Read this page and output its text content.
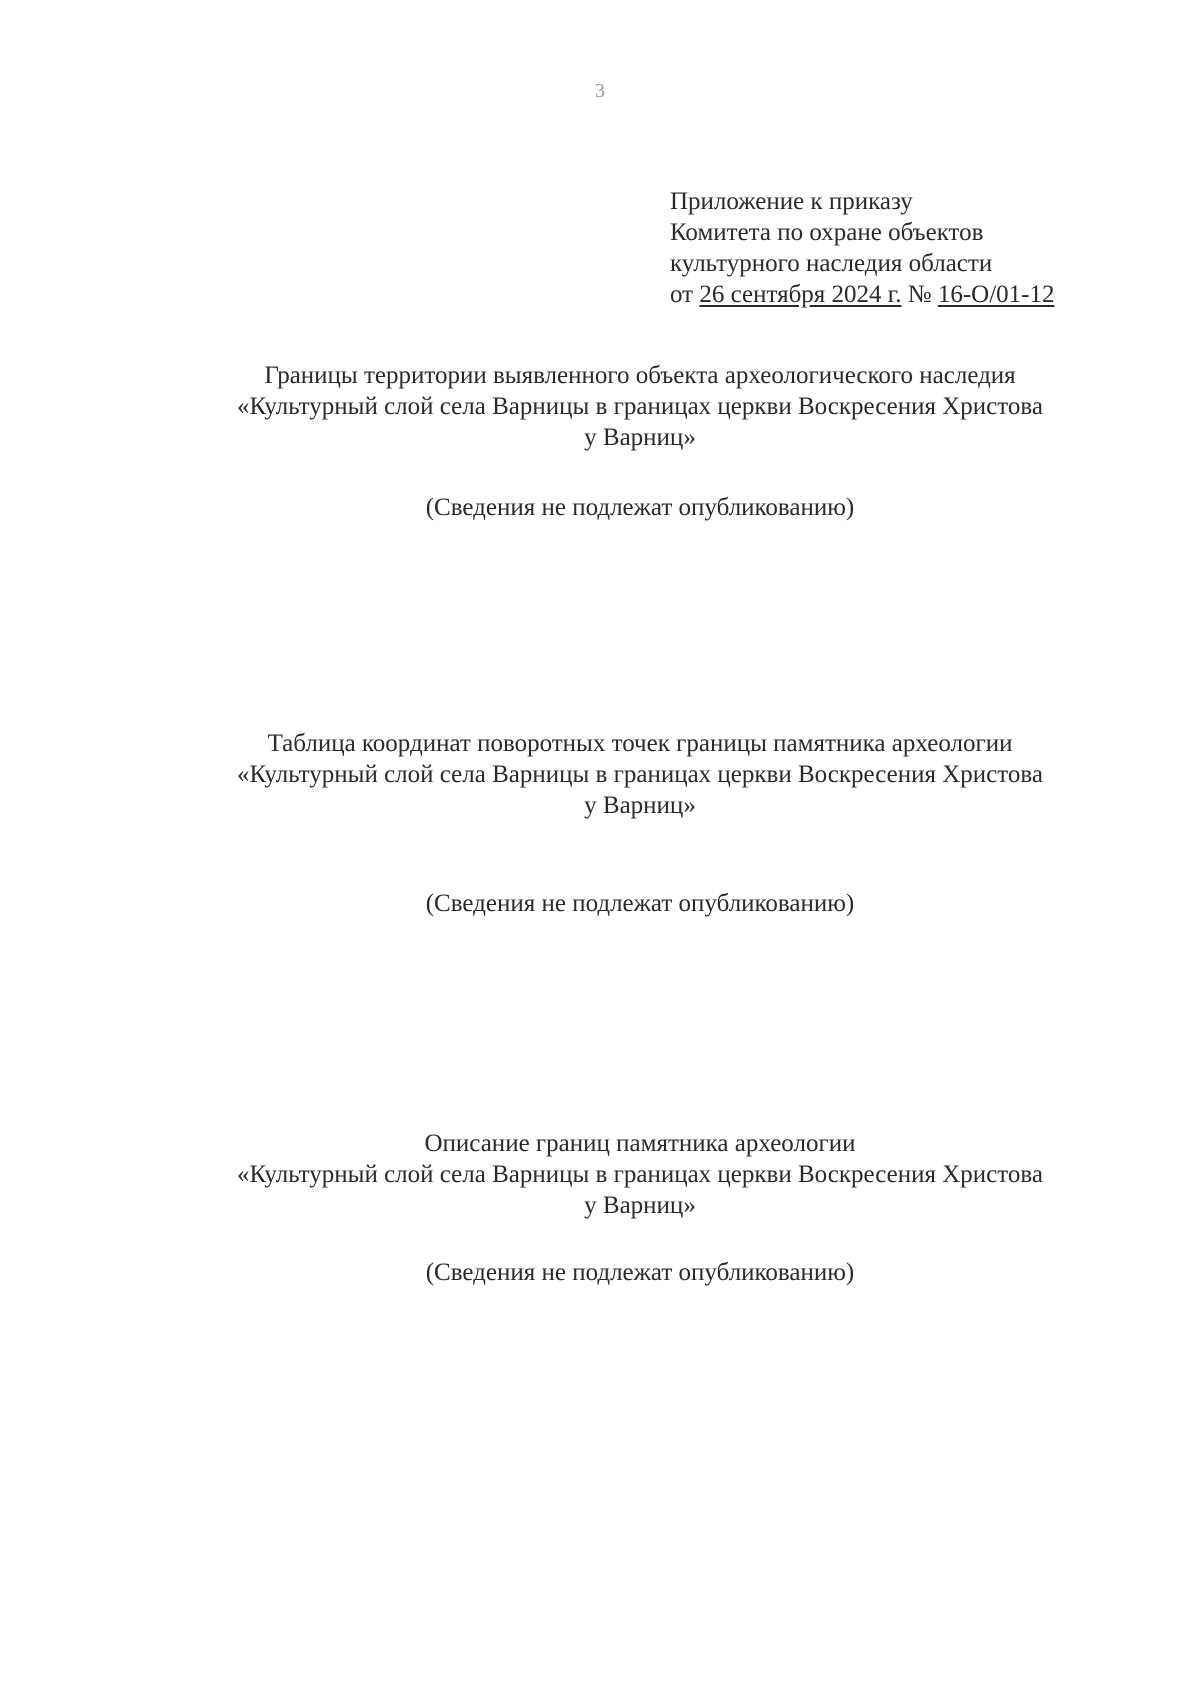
3
Приложение к приказу
Комитета по охране объектов
культурного наследия области
от 26 сентября 2024 г. № 16-О/01-12
Границы территории выявленного объекта археологического наследия
«Культурный слой села Варницы в границах церкви Воскресения Христова
у Варниц»
(Сведения не подлежат опубликованию)
Таблица координат поворотных точек границы памятника археологии
«Культурный слой села Варницы в границах церкви Воскресения Христова
у Варниц»
(Сведения не подлежат опубликованию)
Описание границ памятника археологии
«Культурный слой села Варницы в границах церкви Воскресения Христова
у Варниц»
(Сведения не подлежат опубликованию)
